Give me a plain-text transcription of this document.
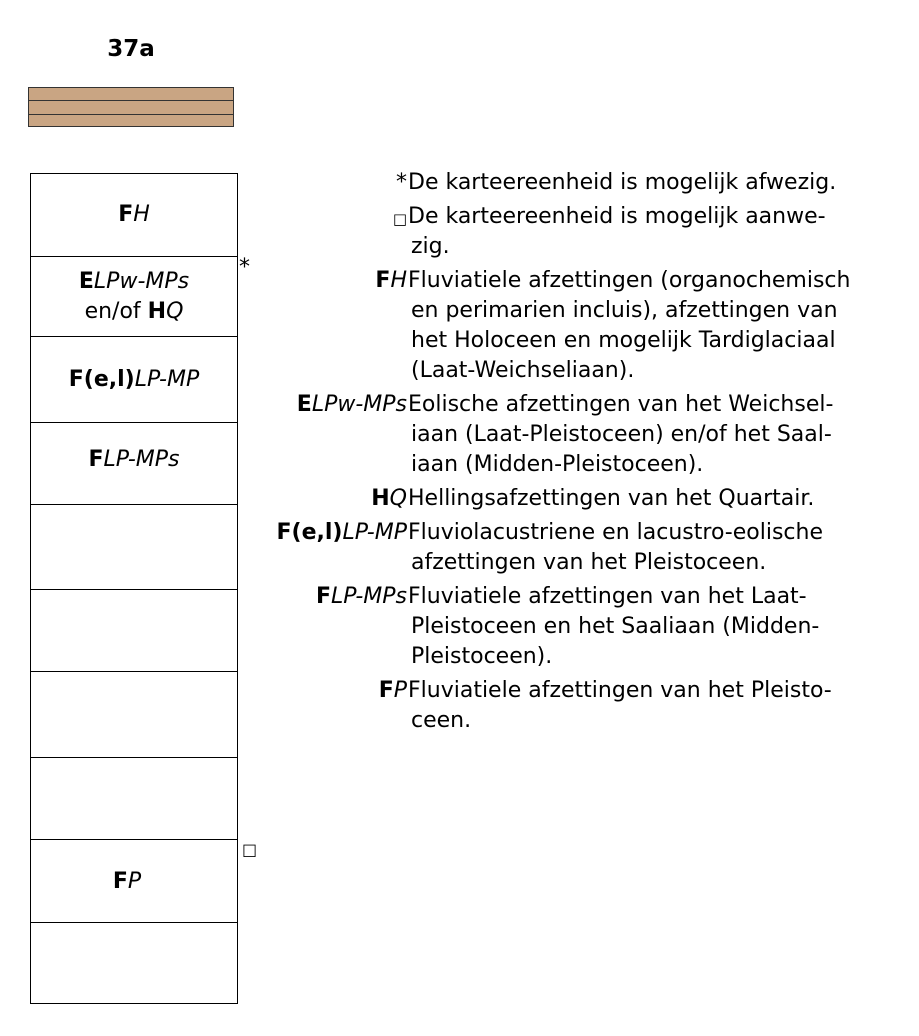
37a
FH
ELPw-MPs
en/of HQ
F(e,l)LP-MP
FLP-MPs
FP
*
□
* De karteereenheid is mogelijk afwezig.
□ De karteereenheid is mogelijk aanwe-
zig.
FH Fluviatiele afzettingen (organochemisch
en perimarien incluis), afzettingen van
het Holoceen en mogelijk Tardiglaciaal
(Laat-Weichseliaan).
ELPw-MPs Eolische afzettingen van het Weichsel-
iaan (Laat-Pleistoceen) en/of het Saal-
iaan (Midden-Pleistoceen).
HQ Hellingsafzettingen van het Quartair.
F(e,l)LP-MP Fluviolacustriene en lacustro-eolische
afzettingen van het Pleistoceen.
FLP-MPs Fluviatiele afzettingen van het Laat-
Pleistoceen en het Saaliaan (Midden-
Pleistoceen).
FP Fluviatiele afzettingen van het Pleisto-
ceen.
